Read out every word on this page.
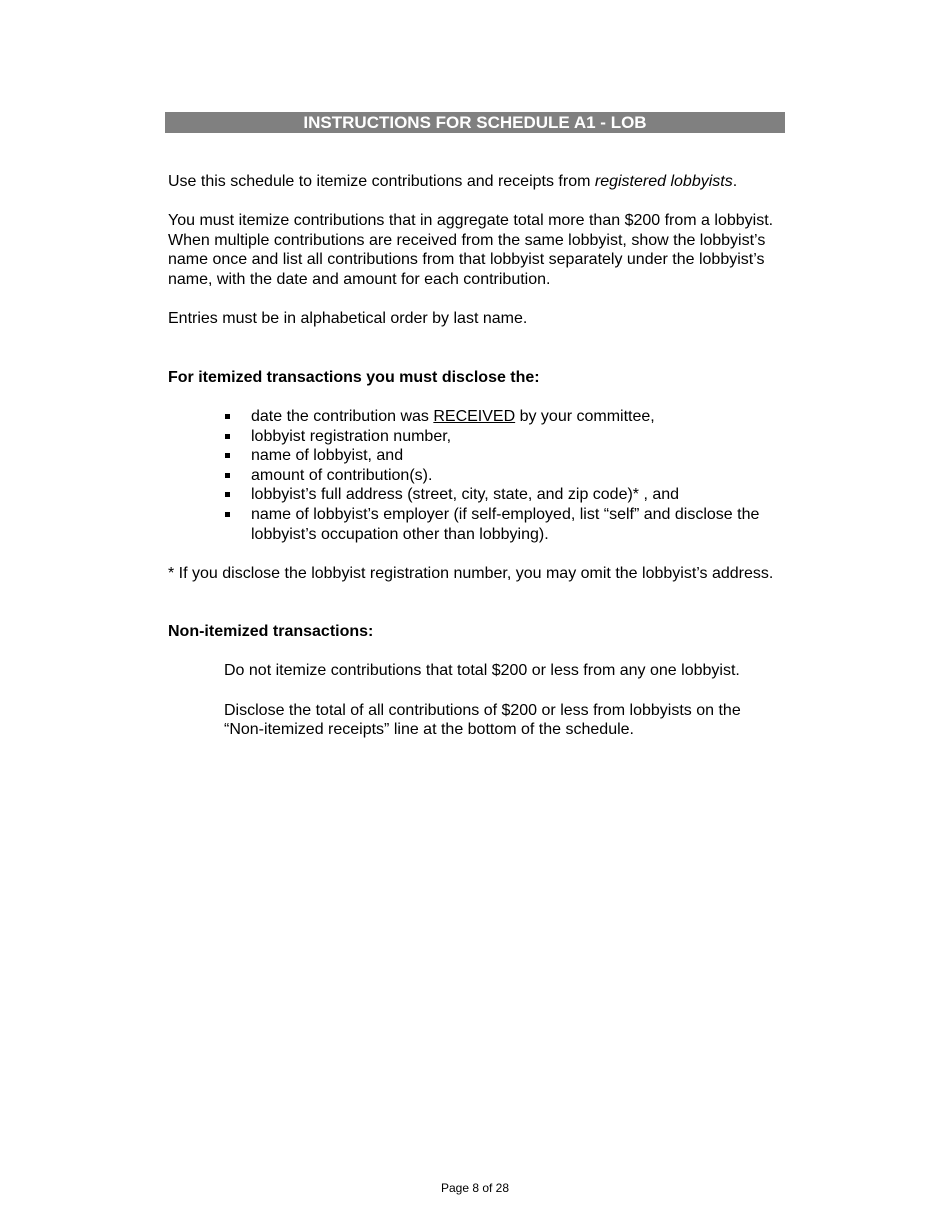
INSTRUCTIONS FOR SCHEDULE A1 - LOB

Use this schedule to itemize contributions and receipts from registered lobbyists.

You must itemize contributions that in aggregate total more than $200 from a lobbyist. When multiple contributions are received from the same lobbyist, show the lobbyist’s name once and list all contributions from that lobbyist separately under the lobbyist’s name, with the date and amount for each contribution.

Entries must be in alphabetical order by last name.

For itemized transactions you must disclose the:

date the contribution was RECEIVED by your committee,
lobbyist registration number,
name of lobbyist, and
amount of contribution(s).
lobbyist’s full address (street, city, state, and zip code)* , and
name of lobbyist’s employer (if self-employed, list “self” and disclose the lobbyist’s occupation other than lobbying).

* If you disclose the lobbyist registration number, you may omit the lobbyist’s address.

Non-itemized transactions:

Do not itemize contributions that total $200 or less from any one lobbyist.

Disclose the total of all contributions of $200 or less from lobbyists on the “Non-itemized receipts” line at the bottom of the schedule.

Page 8 of 28
